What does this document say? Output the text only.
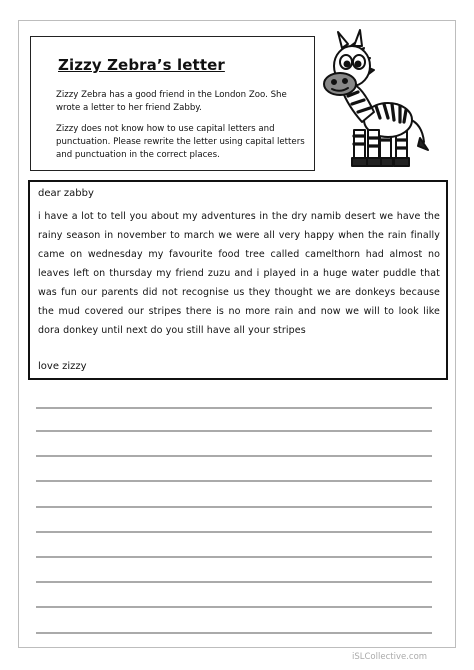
Zizzy Zebra’s letter

Zizzy Zebra has a good friend in the London Zoo. She wrote a letter to her friend Zabby.

Zizzy does not know how to use capital letters and punctuation. Please rewrite the letter using capital letters and punctuation in the correct places.

dear zabby

i have a lot to tell you about my adventures in the dry namib desert we have the rainy season in november to march we were all very happy when the rain finally came on wednesday my favourite food tree called camelthorn had almost no leaves left on thursday my friend zuzu and i played in a huge water puddle that was fun our parents did not recognise us they thought we are donkeys because the mud covered our stripes there is no more rain and now we will to look like dora donkey until next do you still have all your stripes

love zizzy

iSLCollective.com
